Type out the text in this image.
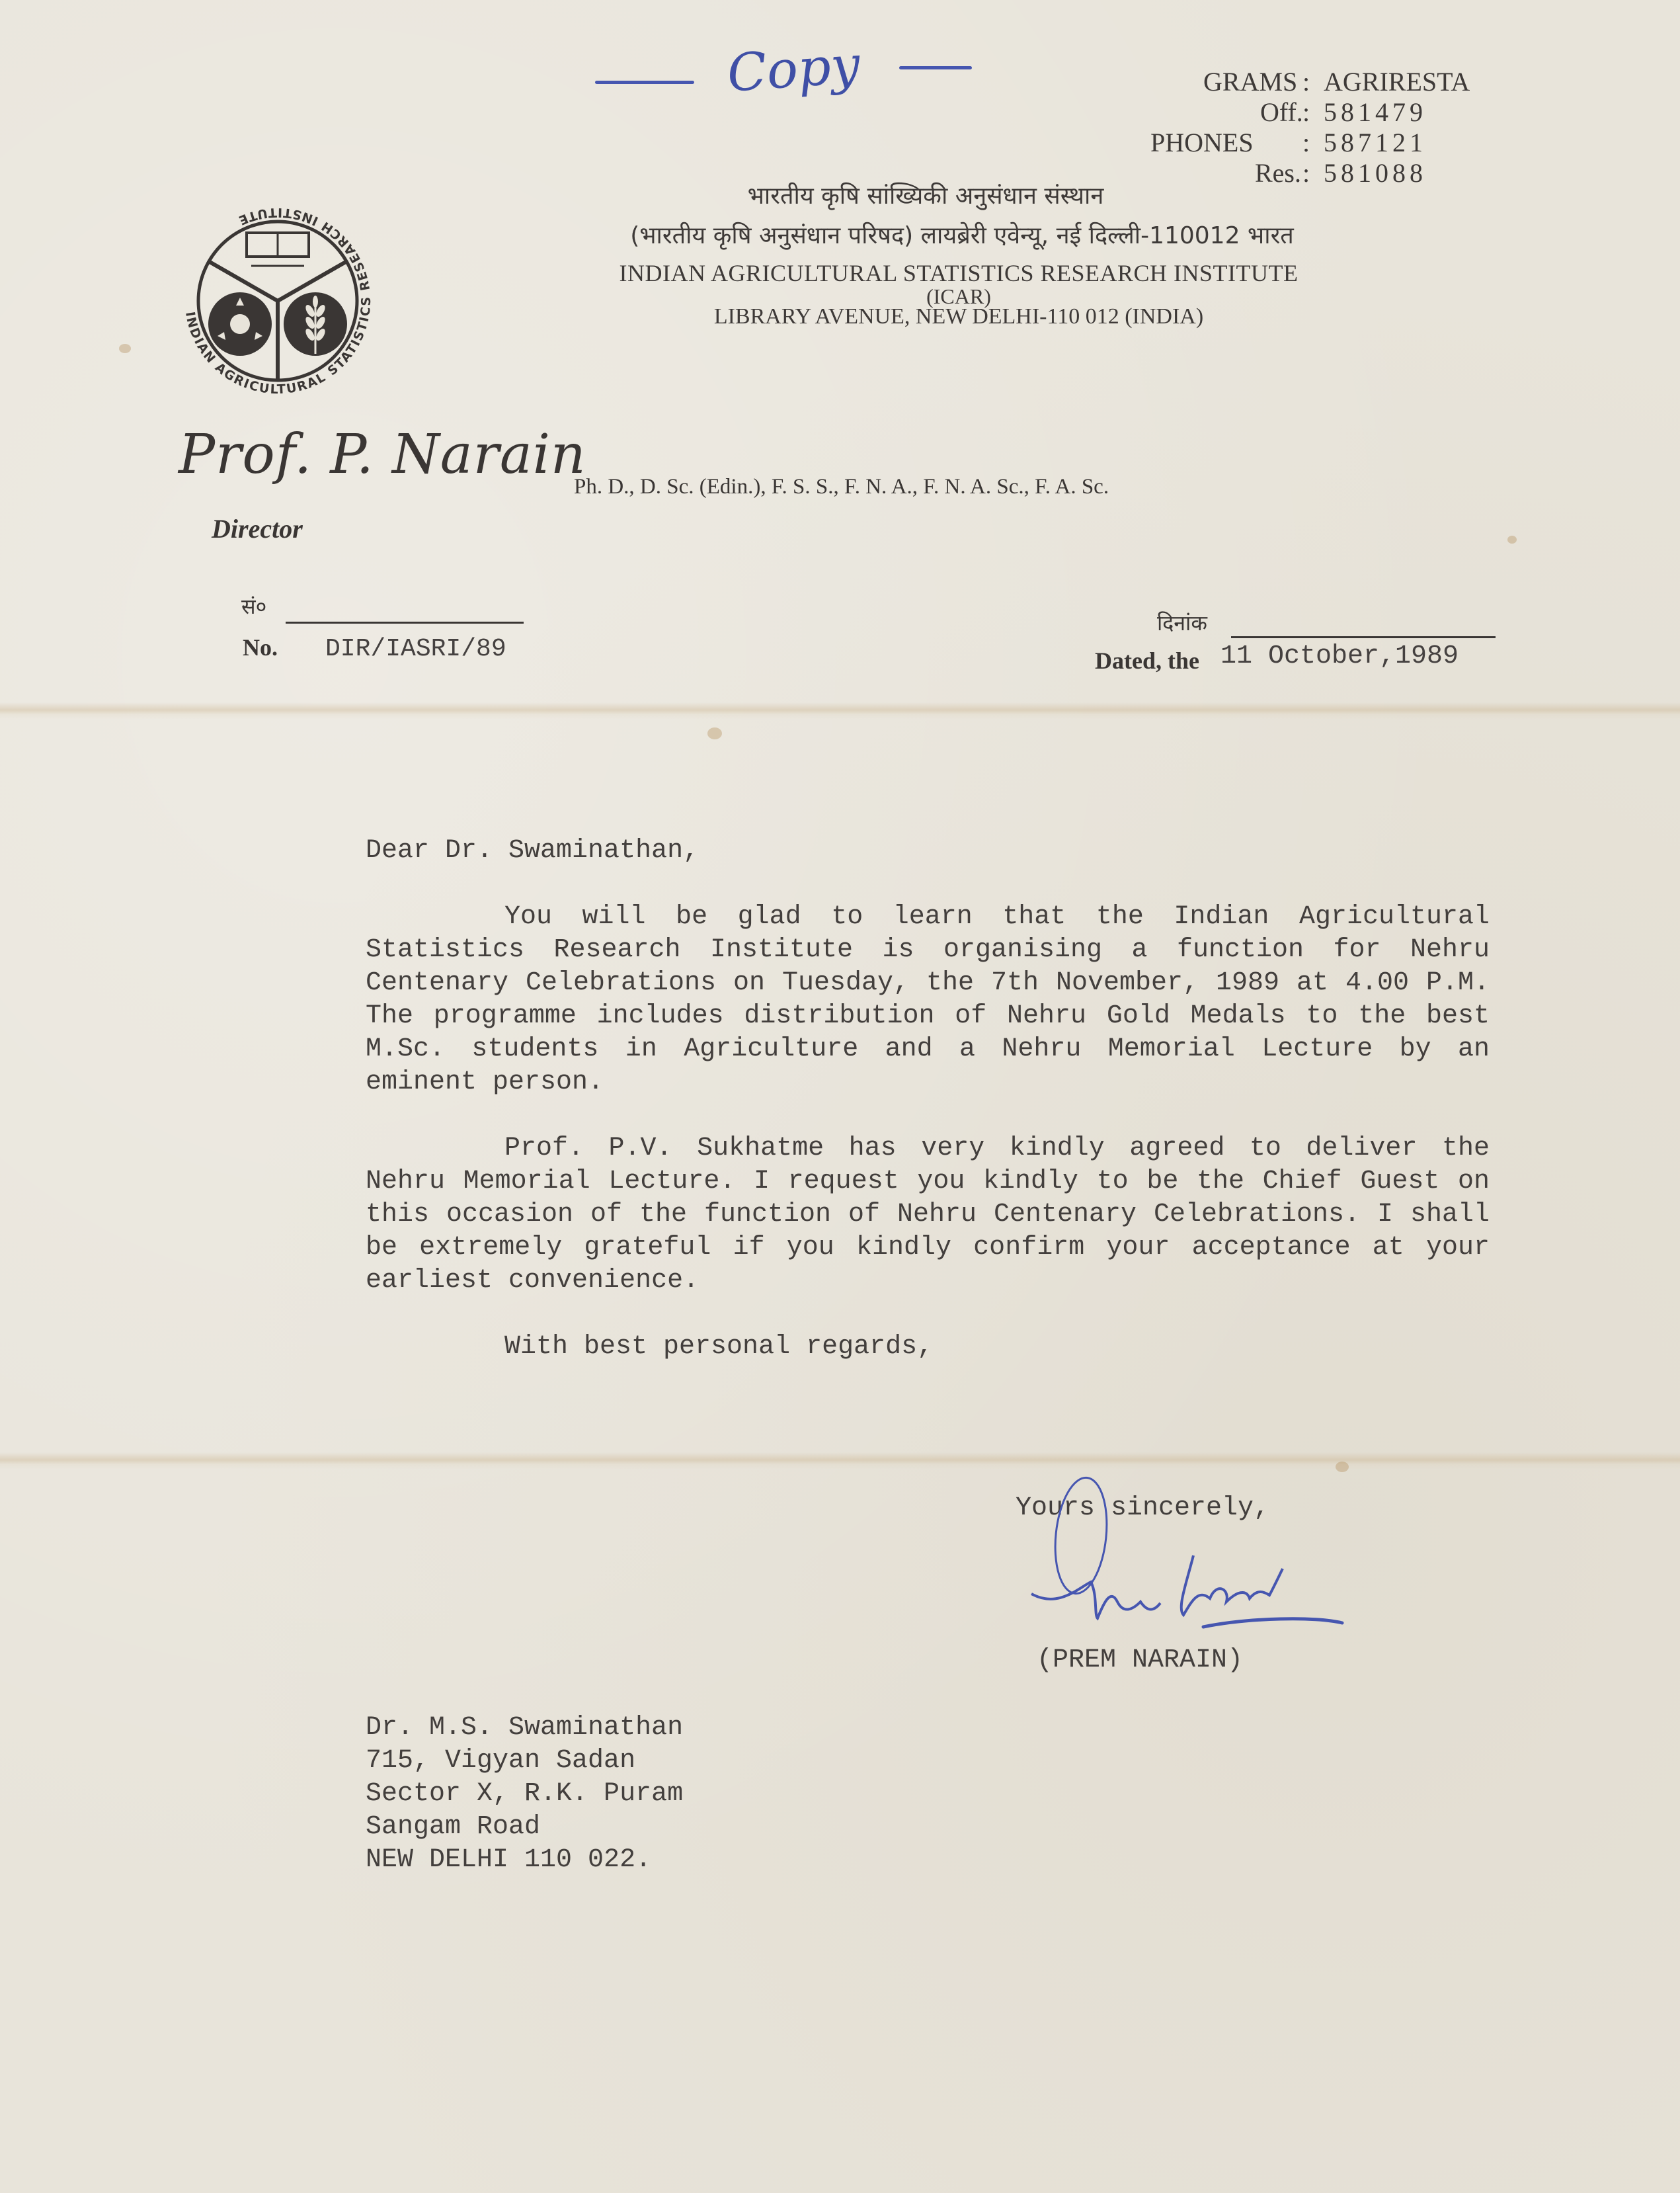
Copy	GRAMS : AGRIRESTA
Off. : 581479
PHONES : 587121
Res. : 581088
INDIAN AGRICULTURAL STATISTICS RESEARCH INSTITUTE
भारतीय कृषि सांख्यिकी अनुसंधान संस्थान
(भारतीय कृषि अनुसंधान परिषद) लायब्रेरी एवेन्यू, नई दिल्ली-110012 भारत
INDIAN AGRICULTURAL STATISTICS RESEARCH INSTITUTE
(ICAR)
LIBRARY AVENUE, NEW DELHI-110 012 (INDIA)
Prof. P. Narain
Ph. D., D. Sc. (Edin.), F. S. S., F. N. A., F. N. A. Sc., F. A. Sc.
Director
सं०
No. DIR/IASRI/89
दिनांक
Dated, the 11 October,1989

Dear Dr. Swaminathan,

You will be glad to learn that the Indian Agricultural Statistics Research Institute is organising a function for Nehru Centenary Celebrations on Tuesday, the 7th November, 1989 at 4.00 P.M. The programme includes distribution of Nehru Gold Medals to the best M.Sc. students in Agriculture and a Nehru Memorial Lecture by an eminent person.

Prof. P.V. Sukhatme has very kindly agreed to deliver the Nehru Memorial Lecture. I request you kindly to be the Chief Guest on this occasion of the function of Nehru Centenary Celebrations. I shall be extremely grateful if you kindly confirm your acceptance at your earliest convenience.

With best personal regards,

Yours sincerely,
Prem Narain
(PREM NARAIN)
Dr. M.S. Swaminathan
715, Vigyan Sadan
Sector X, R.K. Puram
Sangam Road
NEW DELHI 110 022.
